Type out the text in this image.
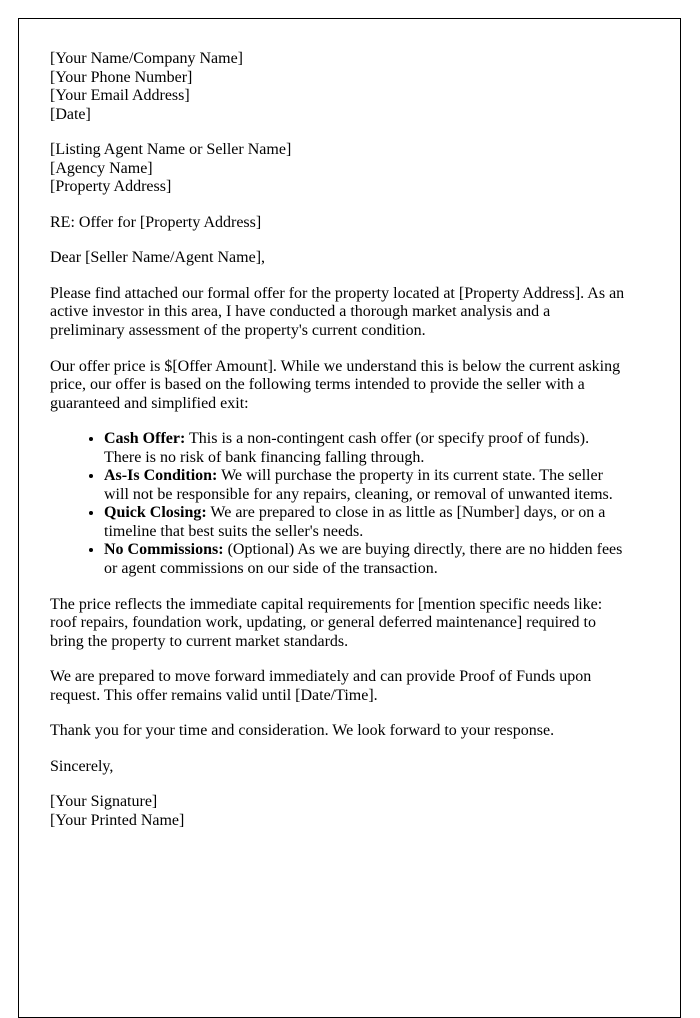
[Your Name/Company Name]
[Your Phone Number]
[Your Email Address]
[Date]
[Listing Agent Name or Seller Name]
[Agency Name]
[Property Address]

RE: Offer for [Property Address]

Dear [Seller Name/Agent Name],

Please find attached our formal offer for the property located at [Property Address]. As an active investor in this area, I have conducted a thorough market analysis and a preliminary assessment of the property's current condition.

Our offer price is $[Offer Amount]. While we understand this is below the current asking price, our offer is based on the following terms intended to provide the seller with a guaranteed and simplified exit:

• Cash Offer: This is a non-contingent cash offer (or specify proof of funds). There is no risk of bank financing falling through.
• As-Is Condition: We will purchase the property in its current state. The seller will not be responsible for any repairs, cleaning, or removal of unwanted items.
• Quick Closing: We are prepared to close in as little as [Number] days, or on a timeline that best suits the seller's needs.
• No Commissions: (Optional) As we are buying directly, there are no hidden fees or agent commissions on our side of the transaction.

The price reflects the immediate capital requirements for [mention specific needs like: roof repairs, foundation work, updating, or general deferred maintenance] required to bring the property to current market standards.

We are prepared to move forward immediately and can provide Proof of Funds upon request. This offer remains valid until [Date/Time].

Thank you for your time and consideration. We look forward to your response.

Sincerely,

[Your Signature]
[Your Printed Name]
